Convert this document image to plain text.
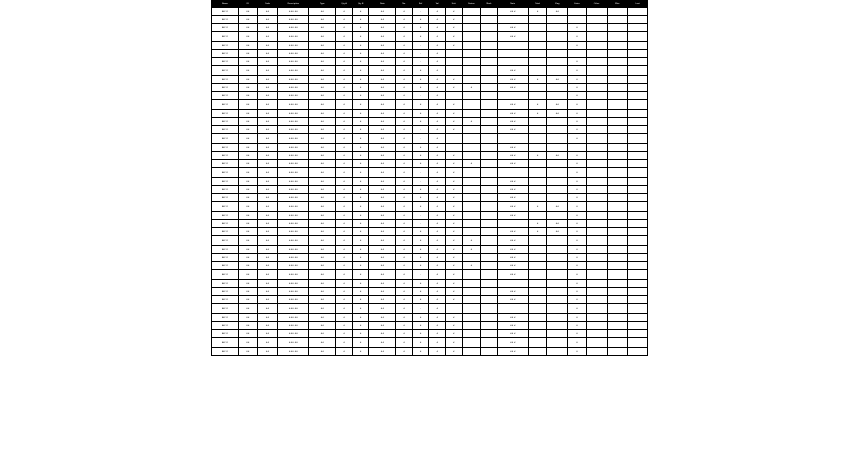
Name	ID	Code	Description	Type	Qty A	Qty B	Date	No.	Ref	Val	Unit	Status	Mark	Note	Total	Flag	Extra	Other	Misc	Last
AB 12	##	##	### ##	##	#	#	##	#	-	#	#			## #	#	##				
AB 12	##	##	### ##	##	#	#	##	#	#	#	#									
AB 12	##	##	### ##	##	#	#	##	#	#	#	#			## #			#			
AB 12	##	##	### ##	##	#	#	##	#	#	#	#			## #			#			
AB 12	##	##	### ##	##	#	#	##	#	-	#	#						#			
AB 12	##	##	### ##	##	#	#	##	#	-	#										
AB 12	##	##	### ##	##	#	#	##	#	-	#							#			
AB 12	##	##	### ##	##	#	#	##	#	#	#				## #			#			
AB 12	##	##	### ##	##	#	#	##	#	#	#	#			## #	#	##	#			
AB 12	##	##	### ##	##	#	#	##	#	#	#	#	#		## #			#			
AB 12	##	##	### ##	##	#	#	##	#	-	#							#			
AB 12	##	##	### ##	##	#	#	##	#	#	#	#			## #	#	##	#			
AB 12	##	##	### ##	##	#	#	##	#	#	#	#			## #	#	##	#			
AB 12	##	##	### ##	##	#	#	##	#	#	#	#	#		## #			#			
AB 12	##	##	### ##	##	#	#	##	#	-	#	#			## #			#			
AB 12	##	##	### ##	##	#	#	##	#	-	#							#			
AB 12	##	##	### ##	##	#	#	##	#	#	#				## #						
AB 12	##	##	### ##	##	#	#	##	#	#	#	#			## #	#	##	#			
AB 12	##	##	### ##	##	#	#	##	#	#	#	#	#		## #			#			
AB 12	##	##	### ##	##	#	#	##	#	-	#	#						#			
AB 12	##	##	### ##	##	#	#	##	#	-	#	#			## #			#			
AB 12	##	##	### ##	##	#	#	##	#	#	#	#			## #			#			
AB 12	##	##	### ##	##	#	#	##	#	#	#	#			## #			#			
AB 12	##	##	### ##	##	#	#	##	#	#	#	#			## #	#	##	#			
AB 12	##	##	### ##	##	#	#	##	#	-	#	#			## #			#			
AB 12	##	##	### ##	##	#	#	##	#	-	#	#				#	##	#			
AB 12	##	##	### ##	##	#	#	##	#	#	#	#			## #	#	##	#			
AB 12	##	##	### ##	##	#	#	##	#	#	#	#	#		## #			#			
AB 12	##	##	### ##	##	#	#	##	#	#	#	#	#		## #			#			
AB 12	##	##	### ##	##	#	#	##	#	#	#	#			## #			#			
AB 12	##	##	### ##	##	#	#	##	#	#	#	#	#		## #			#			
AB 12	##	##	### ##	##	#	#	##	#	-	#	#			## #			#			
AB 12	##	##	### ##	##	#	#	##	#	#	#	#						#			
AB 12	##	##	### ##	##	#	#	##	#	#	#	#			## #			#			
AB 12	##	##	### ##	##	#	#	##	#	#	#	#			## #			#			
AB 12	##	##	### ##	##	#	#	##	#	-	#							#			
AB 12	##	##	### ##	##	#	#	##	#	#	#	#			## #			#			
AB 12	##	##	### ##	##	#	#	##	#	#	#	#			## #			#			
AB 12	##	##	### ##	##	#	#	##	#	#	#	#			## #			#			
AB 12	##	##	### ##	##	#	#	##	#	#	#	#			## #			#			
AB 12	##	##	### ##	##	#	#	##	#	#	#	#			## #			#			
